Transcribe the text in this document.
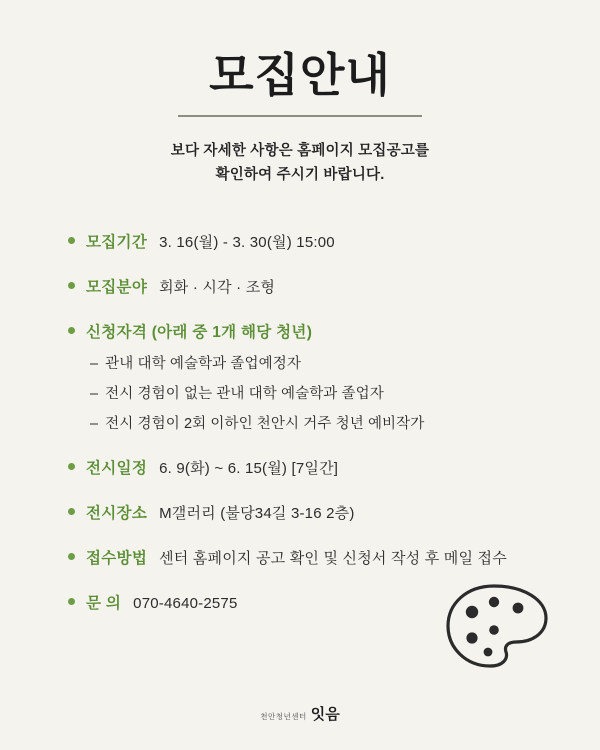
모집안내
보다 자세한 사항은 홈페이지 모집공고를
확인하여 주시기 바랍니다.
모집기간 3. 16(월) - 3. 30(월) 15:00
모집분야 회화 · 시각 · 조형
신청자격 (아래 중 1개 해당 청년)
– 관내 대학 예술학과 졸업예정자
– 전시 경험이 없는 관내 대학 예술학과 졸업자
– 전시 경험이 2회 이하인 천안시 거주 청년 예비작가
전시일정 6. 9(화) ~ 6. 15(월) [7일간]
전시장소 M갤러리 (불당34길 3-16 2층)
접수방법 센터 홈페이지 공고 확인 및 신청서 작성 후 메일 접수
문 의 070-4640-2575
천안청년센터 잇음
